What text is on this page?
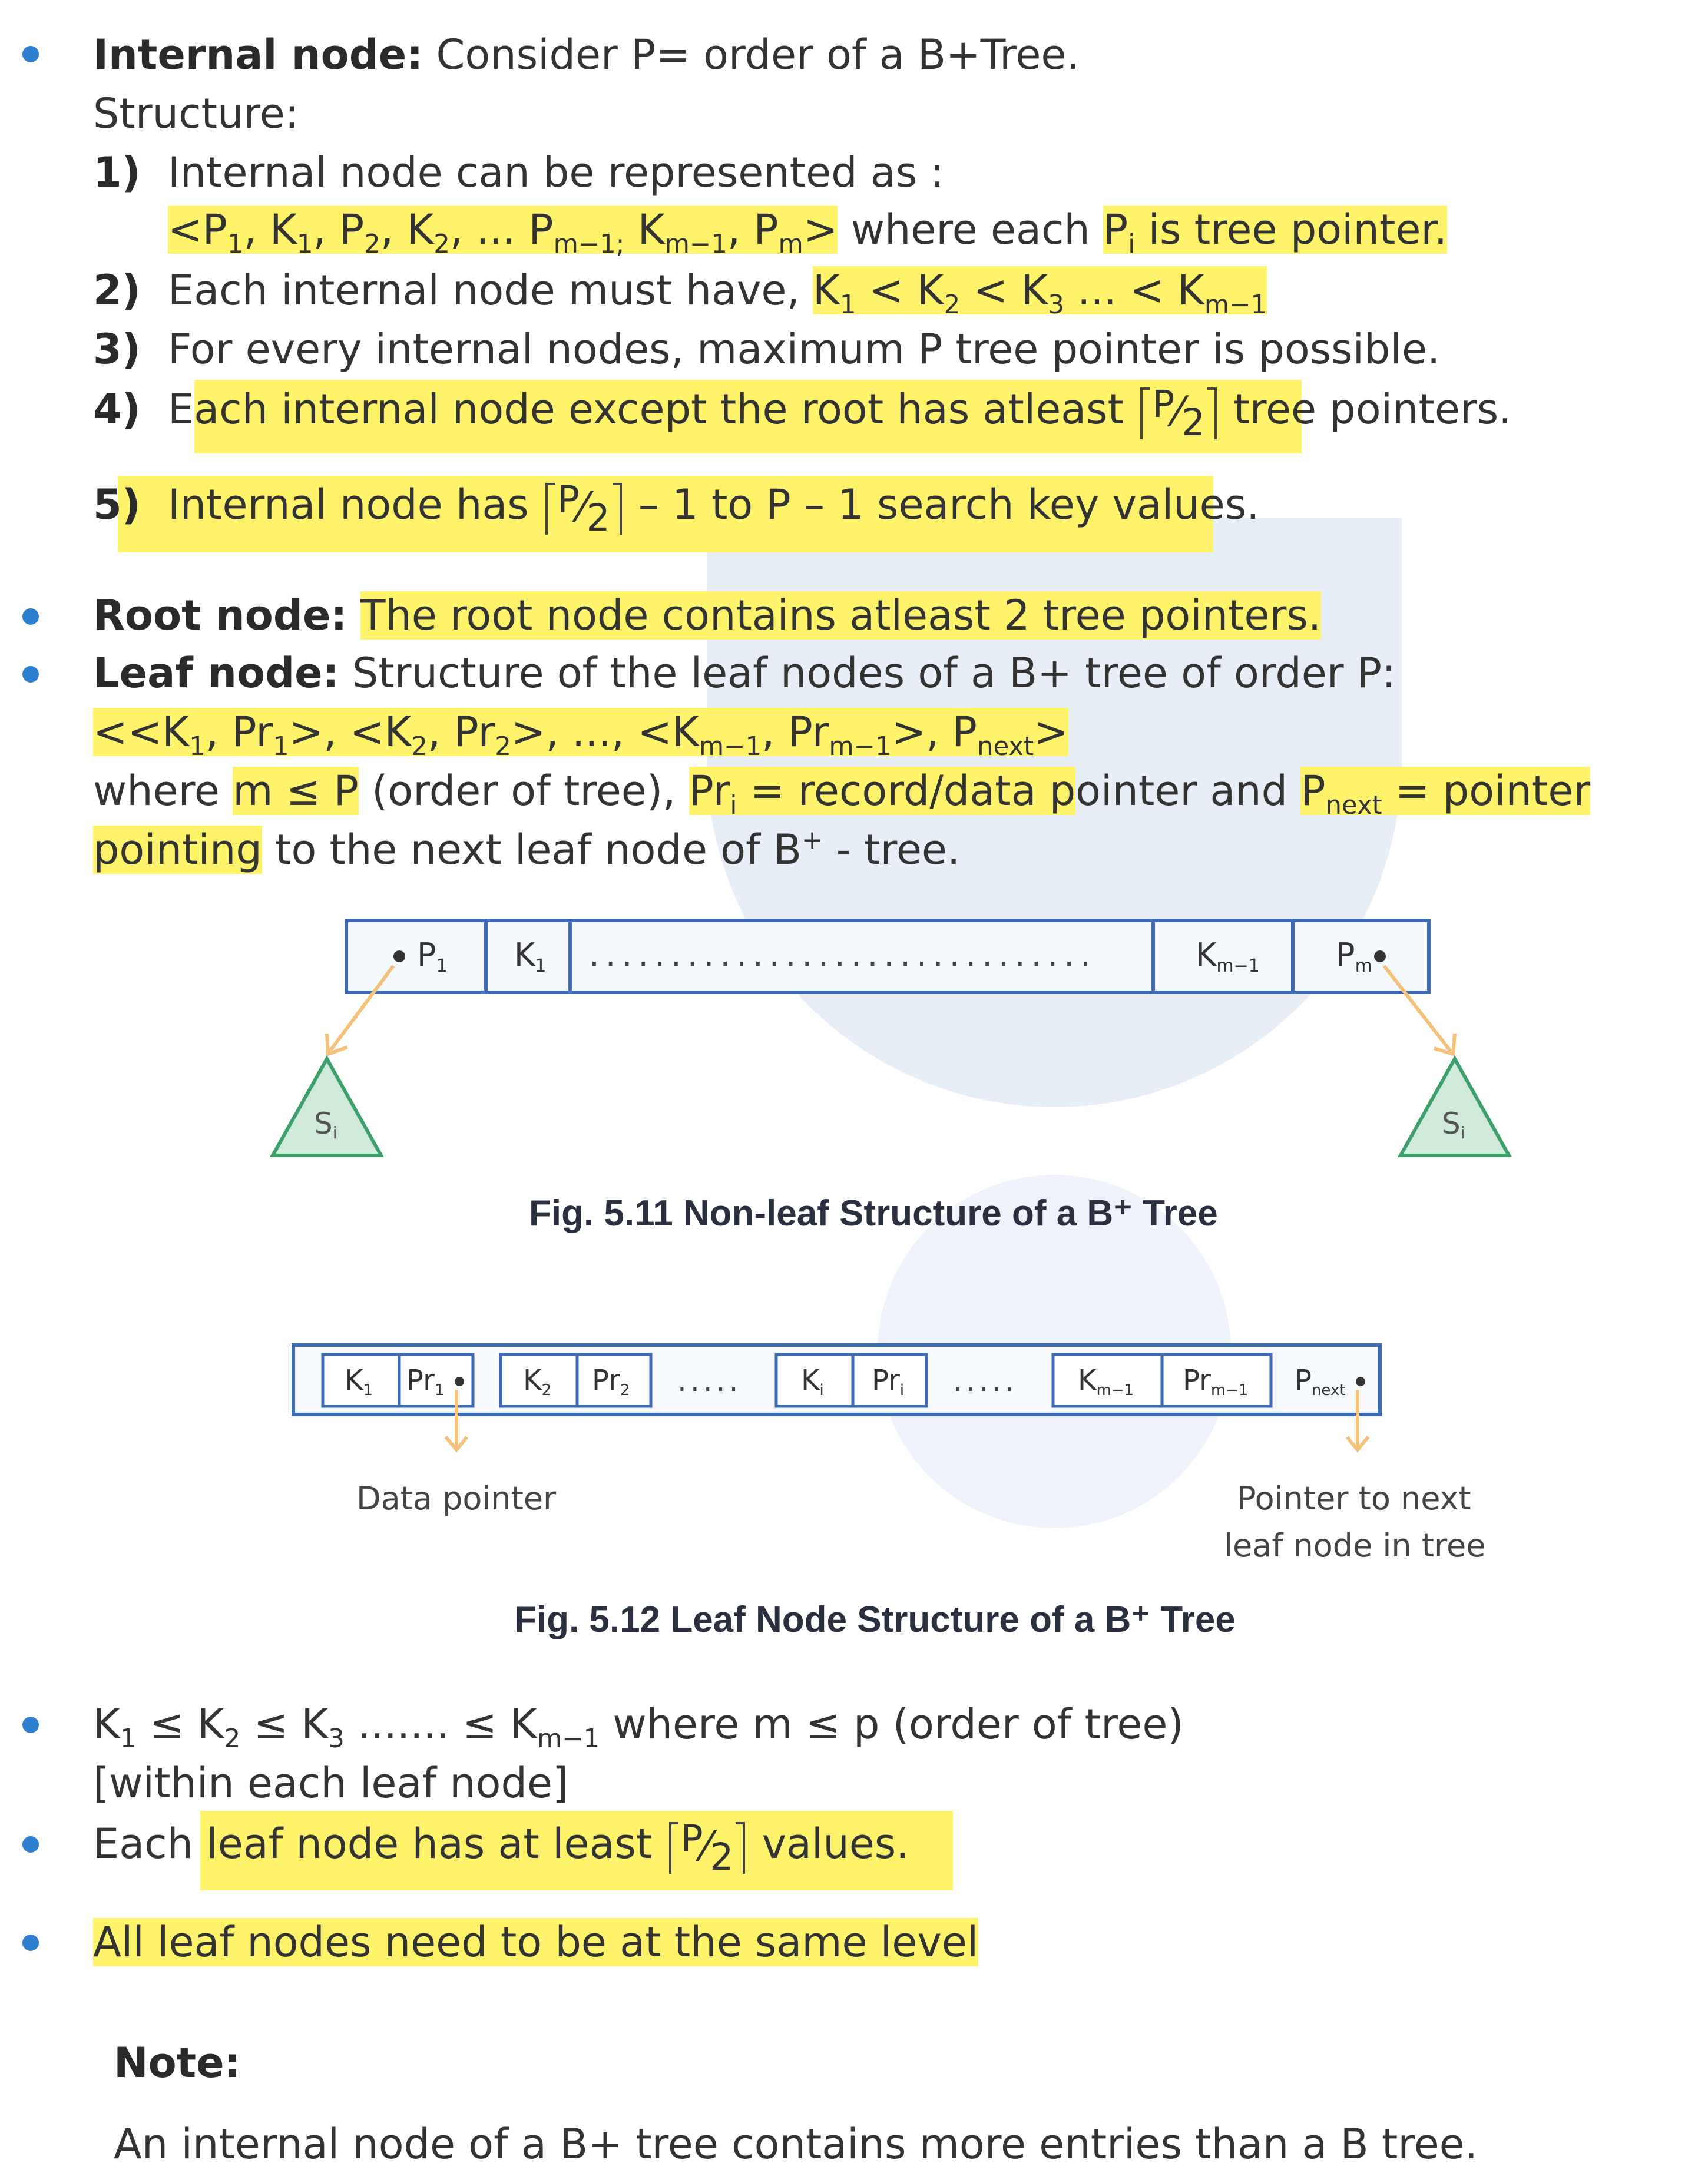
Internal node: Consider P= order of a B+Tree.
Structure:
1) Internal node can be represented as :
$<P_1$, $K_1$, $P_2$, $K_2$, ... $P_{m-1;}$ $K_{m-1}$, $P_m>$ where each $P_i$ is tree pointer.
2) Each internal node must have, $K_1 < K_2 < K_3$ ... < $K_{m-1}$
3) For every internal nodes, maximum P tree pointer is possible.
4) Each internal node except the root has atleast P⁄2 tree pointers.
5) Internal node has P⁄2 – 1 to P – 1 search key values.
Root node: The root node contains atleast 2 tree pointers.
Leaf node: Structure of the leaf nodes of a B+ tree of order P:
$<<K_1$, $Pr_1>$, $<K_2$, $Pr_2>$, ..., $<K_{m-1}$, $Pr_{m-1}>$, $P_{next}>$
where m ≤ P (order of tree), $Pr_i$ = record/data pointer and $P_{next}$ = pointer
pointing to the next leaf node of B+ - tree.
...............................
P1 K1	Km−1 Pm
Si	Si
Fig. 5.11 Non-leaf Structure of a B⁺ Tree
.....	.....
K1 Pr1	K2 Pr2	Ki Pri	Km−1 Prm−1 Pnext
Data pointer	Pointer to next
leaf node in tree
Fig. 5.12 Leaf Node Structure of a B⁺ Tree
$K_1 \le K_2 \le K_3$ ....... ≤ $K_{m-1}$ where m ≤ p (order of tree)
[within each leaf node]
Each leaf node has at least P⁄2 values.
All leaf nodes need to be at the same level
Note:
An internal node of a B+ tree contains more entries than a B tree.
